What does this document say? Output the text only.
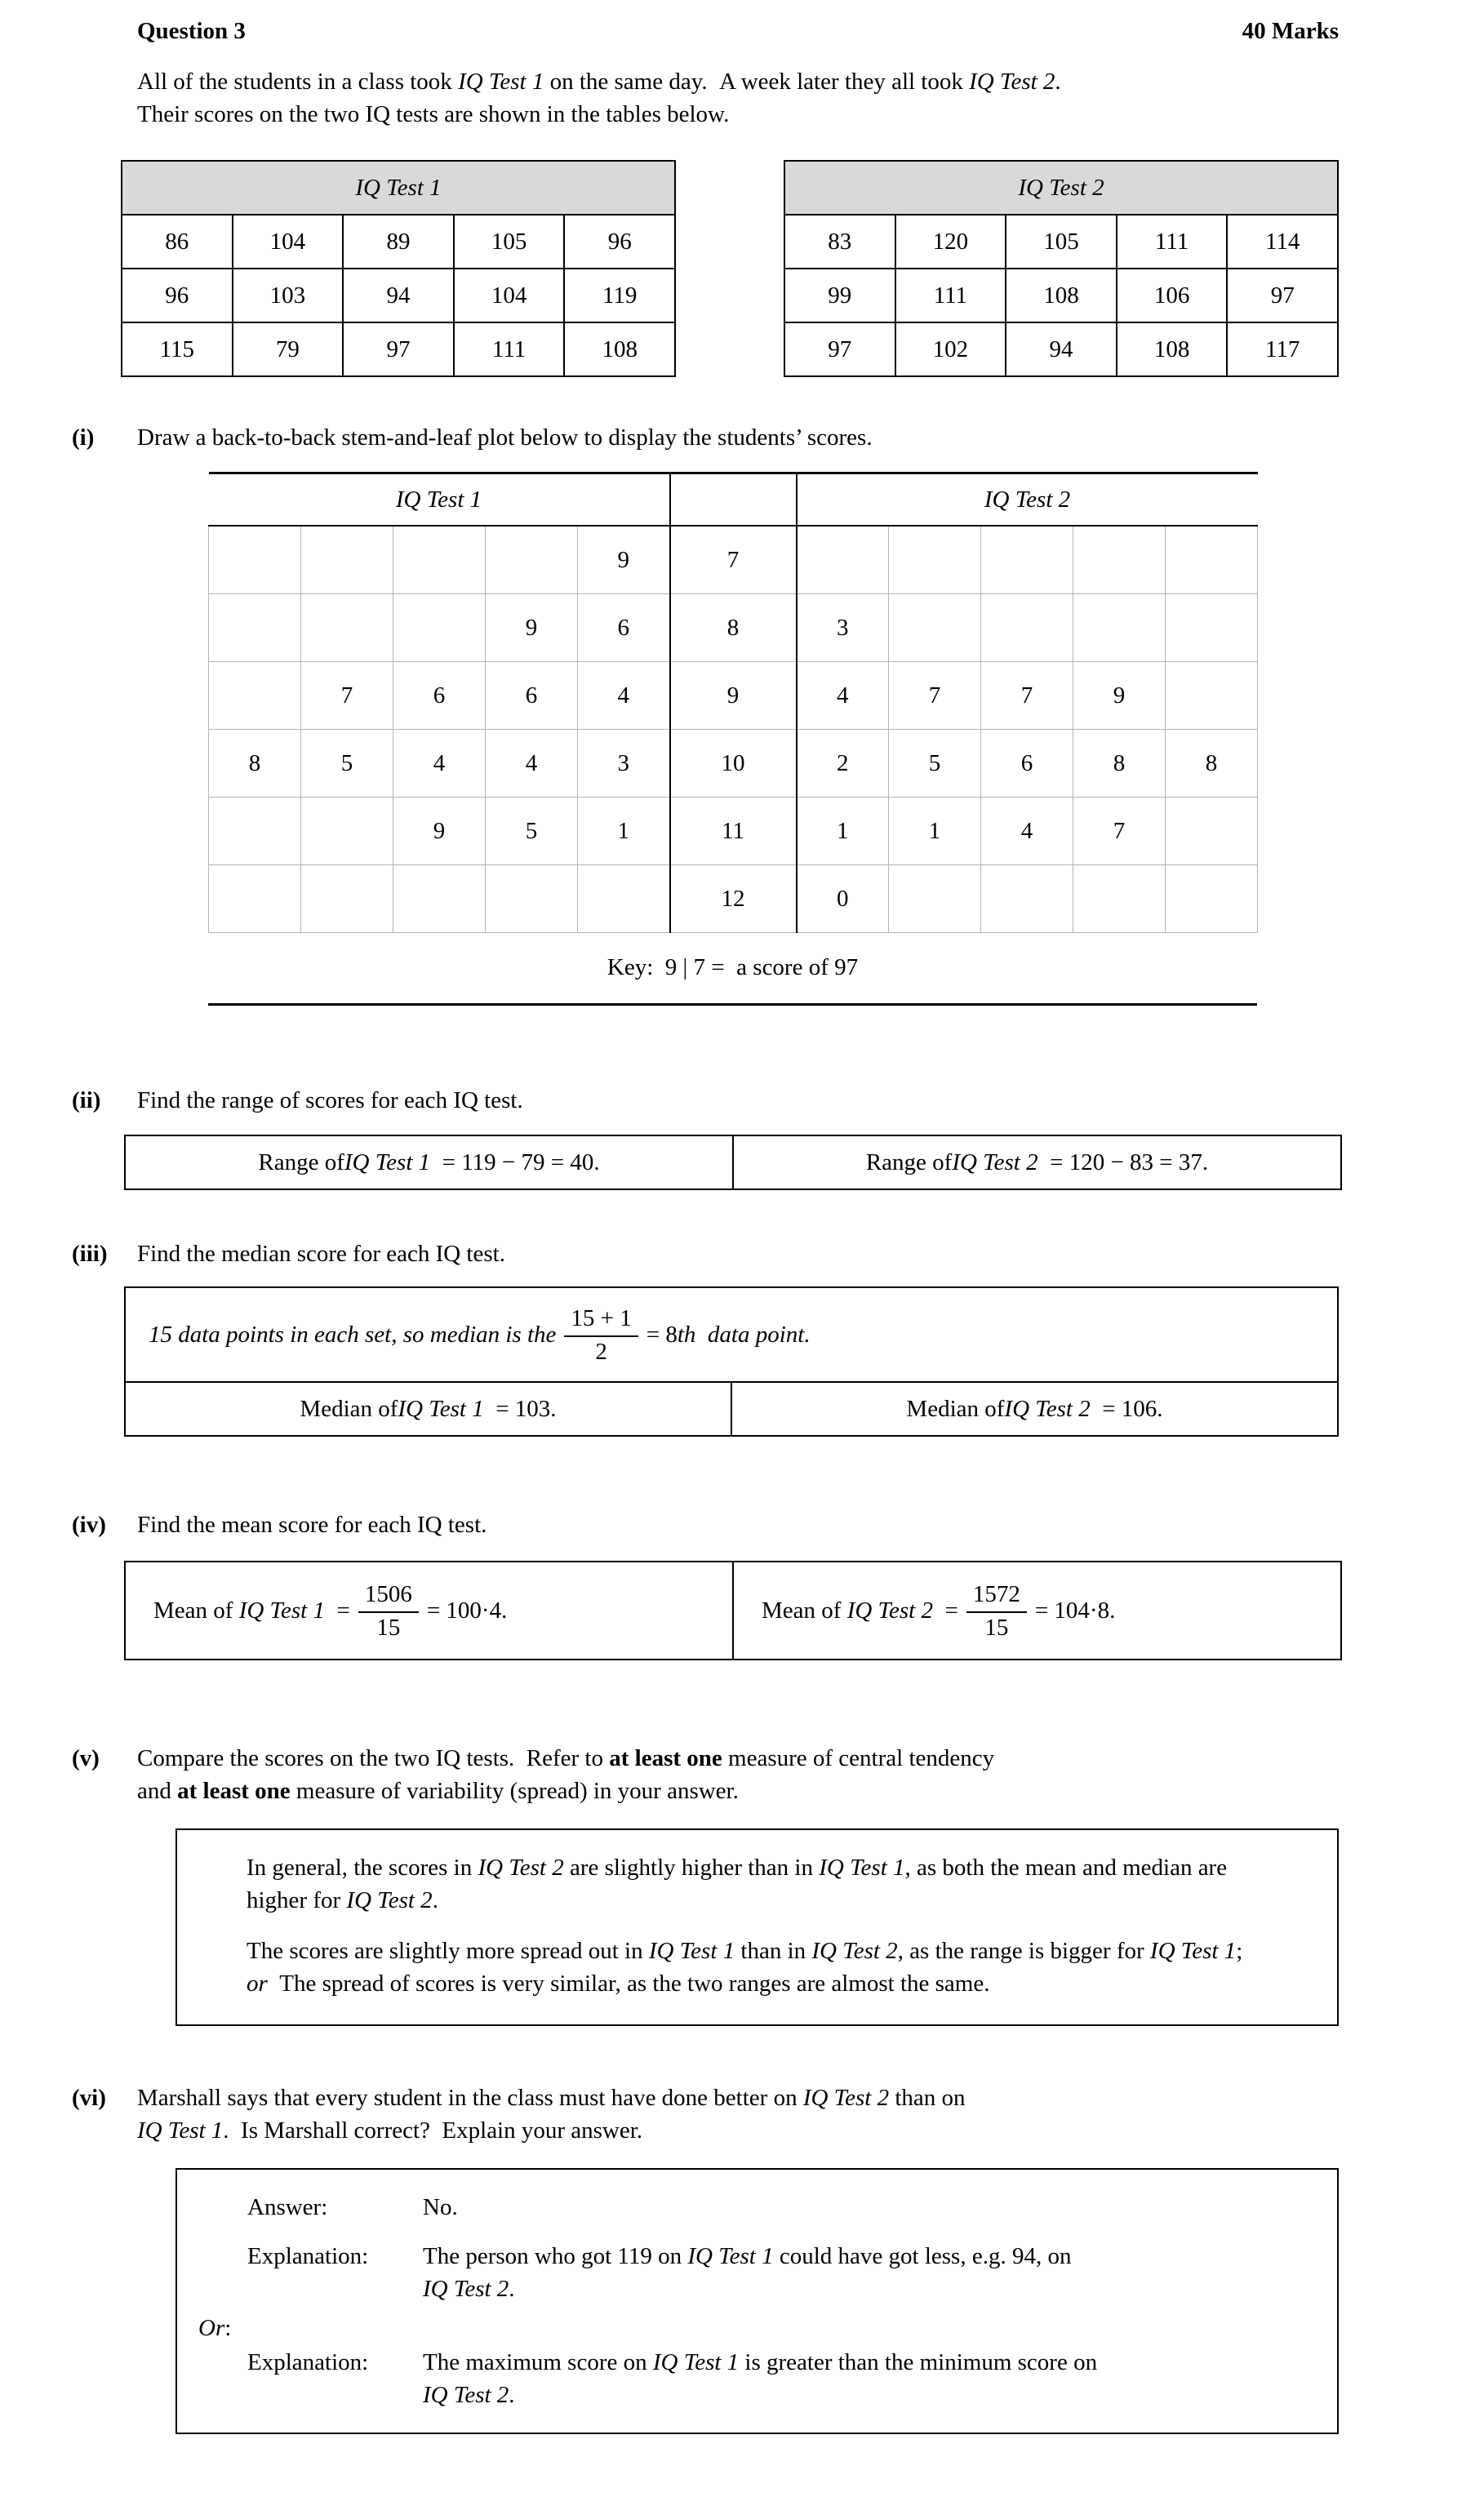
Question 3	40 Marks

All of the students in a class took IQ Test 1 on the same day. A week later they all took IQ Test 2.
Their scores on the two IQ tests are shown in the tables below.

IQ Test 1				
86	104	89	105	96
96	103	94	104	119
115	79	97	111	108
IQ Test 2				
83	120	105	111	114
99	111	108	106	97
97	102	94	108	117
(i)	Draw a back-to-back stem-and-leaf plot below to display the students’ scores.
IQ Test 1						IQ Test 2				
				9	7					
			9	6	8	3				
	7	6	6	4	9	4	7	7	9	
8	5	4	4	3	10	2	5	6	8	8
		9	5	1	11	1	1	4	7	
					12	0				
Key: 9 | 7 = a score of 97
(ii)	Find the range of scores for each IQ test.
Range of IQ Test 1  = 119 − 79 = 40.	Range of IQ Test 2  = 120 − 83 = 37.
(iii)	Find the median score for each IQ test.
15 data points in each set, so median is the $\frac{15 + 1}{2} = 8th$ data point.
Median of IQ Test 1  = 103.	Median of IQ Test 2  = 106.
(iv)	Find the mean score for each IQ test.
Mean of IQ Test 1 = $\frac{1506}{15} = 100\cdot 4$.	Mean of IQ Test 2 = $\frac{1572}{15} = 104\cdot 8$.
(v)	Compare the scores on the two IQ tests. Refer to at least one measure of central tendency
and at least one measure of variability (spread) in your answer.

In general, the scores in IQ Test 2 are slightly higher than in IQ Test 1, as both the mean and median are higher for IQ Test 2.

The scores are slightly more spread out in IQ Test 1 than in IQ Test 2, as the range is bigger for IQ Test 1; or The spread of scores is very similar, as the two ranges are almost the same.

(vi)	Marshall says that every student in the class must have done better on IQ Test 2 than on
IQ Test 1. Is Marshall correct? Explain your answer.
Answer:	No.
Explanation:	The person who got 119 on IQ Test 1 could have got less, e.g. 94, on
IQ Test 2.
Or:
Explanation:	The maximum score on IQ Test 1 is greater than the minimum score on
IQ Test 2.
